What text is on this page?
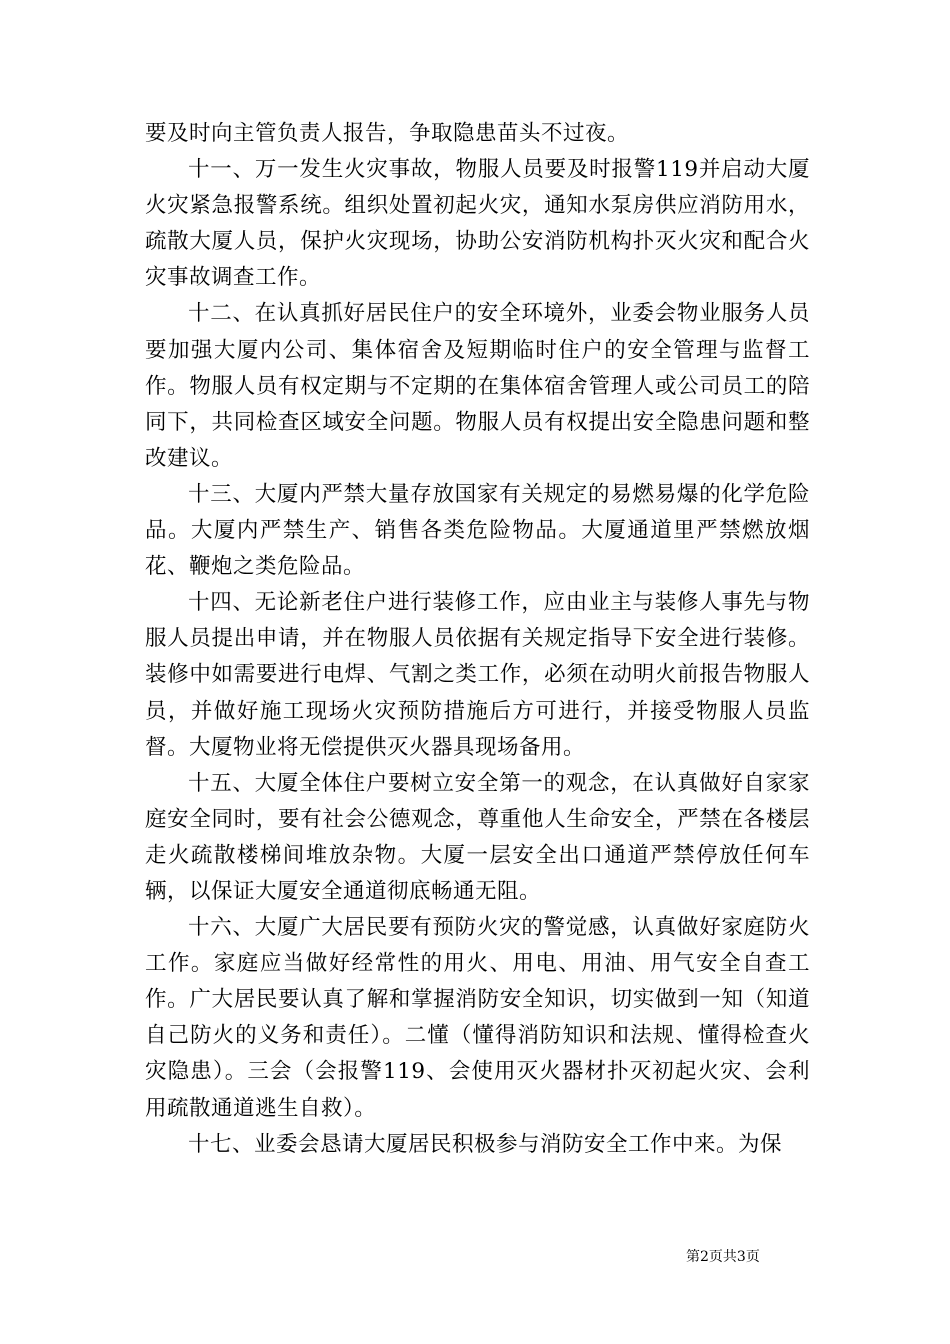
要及时向主管负责人报告，争取隐患苗头不过夜。

十一、万一发生火灾事故，物服人员要及时报警119并启动大厦火灾紧急报警系统。组织处置初起火灾，通知水泵房供应消防用水，疏散大厦人员，保护火灾现场，协助公安消防机构扑灭火灾和配合火灾事故调查工作。

十二、在认真抓好居民住户的安全环境外，业委会物业服务人员要加强大厦内公司、集体宿舍及短期临时住户的安全管理与监督工作。物服人员有权定期与不定期的在集体宿舍管理人或公司员工的陪同下，共同检查区域安全问题。物服人员有权提出安全隐患问题和整改建议。

十三、大厦内严禁大量存放国家有关规定的易燃易爆的化学危险品。大厦内严禁生产、销售各类危险物品。大厦通道里严禁燃放烟花、鞭炮之类危险品。

十四、无论新老住户进行装修工作，应由业主与装修人事先与物服人员提出申请，并在物服人员依据有关规定指导下安全进行装修。装修中如需要进行电焊、气割之类工作，必须在动明火前报告物服人员，并做好施工现场火灾预防措施后方可进行，并接受物服人员监督。大厦物业将无偿提供灭火器具现场备用。

十五、大厦全体住户要树立安全第一的观念，在认真做好自家家庭安全同时，要有社会公德观念，尊重他人生命安全，严禁在各楼层走火疏散楼梯间堆放杂物。大厦一层安全出口通道严禁停放任何车辆，以保证大厦安全通道彻底畅通无阻。

十六、大厦广大居民要有预防火灾的警觉感，认真做好家庭防火工作。家庭应当做好经常性的用火、用电、用油、用气安全自查工作。广大居民要认真了解和掌握消防安全知识，切实做到一知（知道自己防火的义务和责任）。二懂（懂得消防知识和法规、懂得检查火灾隐患）。三会（会报警119、会使用灭火器材扑灭初起火灾、会利用疏散通道逃生自救）。

十七、业委会恳请大厦居民积极参与消防安全工作中来。为保

第2页共3页
